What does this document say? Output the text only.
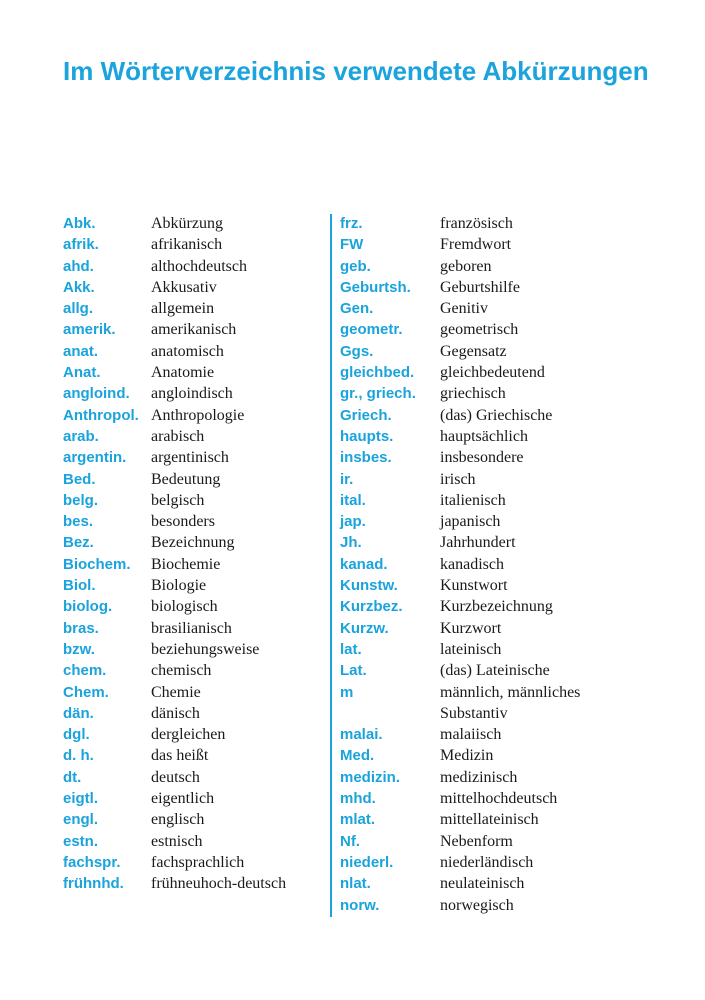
Im Wörterverzeichnis verwendete Abkürzungen
Abk.	Abkürzung
afrik.	afrikanisch
ahd.	althochdeutsch
Akk.	Akkusativ
allg.	allgemein
amerik.	amerikanisch
anat.	anatomisch
Anat.	Anatomie
angloind.	angloindisch
Anthropol. Anthropologie
arab.	arabisch
argentin.	argentinisch
Bed.	Bedeutung
belg.	belgisch
bes.	besonders
Bez.	Bezeichnung
Biochem.	Biochemie
Biol.	Biologie
biolog.	biologisch
bras.	brasilianisch
bzw.	beziehungsweise
chem.	chemisch
Chem.	Chemie
dän.	dänisch
dgl.	dergleichen
d. h.	das heißt
dt.	deutsch
eigtl.	eigentlich
engl.	englisch
estn.	estnisch
fachspr.	fachsprachlich
frühnhd.	frühneuhoch-deutsch
frz.	französisch
FW	Fremdwort
geb.	geboren
Geburtsh.	Geburtshilfe
Gen.	Genitiv
geometr.	geometrisch
Ggs.	Gegensatz
gleichbed.	gleichbedeutend
gr., griech.	griechisch
Griech.	(das) Griechische
haupts.	hauptsächlich
insbes.	insbesondere
ir.	irisch
ital.	italienisch
jap.	japanisch
Jh.	Jahrhundert
kanad.	kanadisch
Kunstw.	Kunstwort
Kurzbez.	Kurzbezeichnung
Kurzw.	Kurzwort
lat.	lateinisch
Lat.	(das) Lateinische
m	männlich, männliches Substantiv
malai.	malaiisch
Med.	Medizin
medizin.	medizinisch
mhd.	mittelhochdeutsch
mlat.	mittellateinisch
Nf.	Nebenform
niederl.	niederländisch
nlat.	neulateinisch
norw.	norwegisch
